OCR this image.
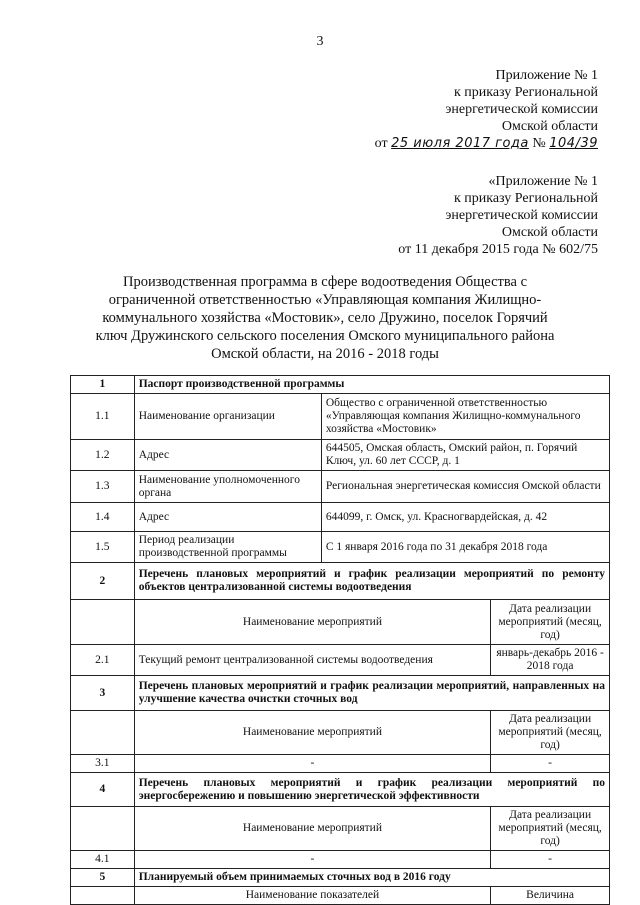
3
Приложение № 1
к приказу Региональной
энергетической комиссии
Омской области
от 25 июля 2017 года № 104/39
«Приложение № 1
к приказу Региональной
энергетической комиссии
Омской области
от 11 декабря 2015 года № 602/75
Производственная программа в сфере водоотведения Общества с ограниченной ответственностью «Управляющая компания Жилищно-коммунального хозяйства «Мостовик», село Дружино, поселок Горячий ключ Дружинского сельского поселения Омского муниципального района Омской области, на 2016 - 2018 годы
1	Паспорт производственной программы		
1.1	Наименование организации	Общество с ограниченной ответственностью «Управляющая компания Жилищно-коммунального хозяйства «Мостовик»	
1.2	Адрес	644505, Омская область, Омский район, п. Горячий Ключ, ул. 60 лет СССР, д. 1	
1.3	Наименование уполномоченного органа	Региональная энергетическая комиссия Омской области	
1.4	Адрес	644099, г. Омск, ул. Красногвардейская, д. 42	
1.5	Период реализации производственной программы	С 1 января 2016 года по 31 декабря 2018 года	
2	Перечень плановых мероприятий и график реализации мероприятий по ремонту объектов централизованной системы водоотведения		
	Наименование мероприятий		Дата реализации мероприятий (месяц, год)
2.1	Текущий ремонт централизованной системы водоотведения		январь-декабрь 2016 - 2018 года
3	Перечень плановых мероприятий и график реализации мероприятий, направленных на улучшение качества очистки сточных вод		
	Наименование мероприятий		Дата реализации мероприятий (месяц, год)
3.1	-		-
4	Перечень плановых мероприятий и график реализации мероприятий по энергосбережению и повышению энергетической эффективности		
	Наименование мероприятий		Дата реализации мероприятий (месяц, год)
4.1	-		-
5	Планируемый объем принимаемых сточных вод в 2016 году		
	Наименование показателей		Величина
